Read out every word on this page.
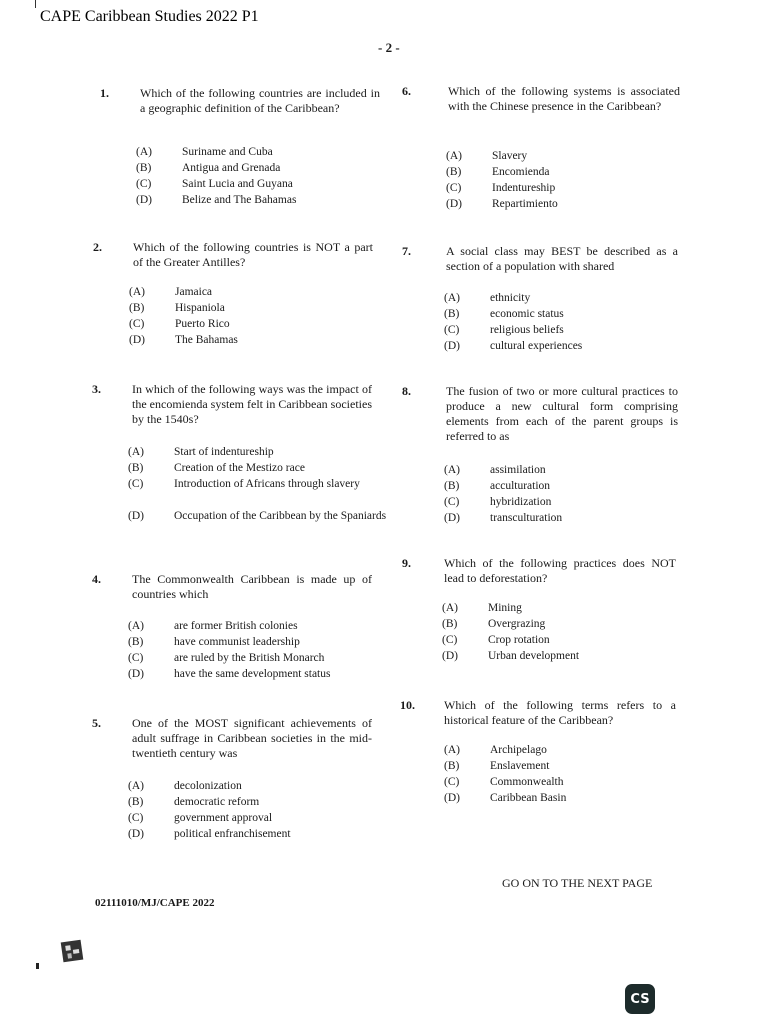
CAPE Caribbean Studies 2022 P1
- 2 -
1.	Which of the following countries are included in a geographic definition of the Caribbean?
(A)	Suriname and Cuba
(B)	Antigua and Grenada
(C)	Saint Lucia and Guyana
(D)	Belize and The Bahamas
2.	Which of the following countries is NOT a part of the Greater Antilles?
(A)	Jamaica
(B)	Hispaniola
(C)	Puerto Rico
(D)	The Bahamas
3.	In which of the following ways was the impact of the encomienda system felt in Caribbean societies by the 1540s?
(A)	Start of indentureship
(B)	Creation of the Mestizo race
(C)	Introduction of Africans through slavery
(D)	Occupation of the Caribbean by the Spaniards
4.	The Commonwealth Caribbean is made up of countries which
(A)	are former British colonies
(B)	have communist leadership
(C)	are ruled by the British Monarch
(D)	have the same development status
5.	One of the MOST significant achievements of adult suffrage in Caribbean societies in the mid-twentieth century was
(A)	decolonization
(B)	democratic reform
(C)	government approval
(D)	political enfranchisement
6.	Which of the following systems is associated with the Chinese presence in the Caribbean?
(A)	Slavery
(B)	Encomienda
(C)	Indentureship
(D)	Repartimiento
7.	A social class may BEST be described as a section of a population with shared
(A)	ethnicity
(B)	economic status
(C)	religious beliefs
(D)	cultural experiences
8.	The fusion of two or more cultural practices to produce a new cultural form comprising elements from each of the parent groups is referred to as
(A)	assimilation
(B)	acculturation
(C)	hybridization
(D)	transculturation
9.	Which of the following practices does NOT lead to deforestation?
(A)	Mining
(B)	Overgrazing
(C)	Crop rotation
(D)	Urban development
10. Which of the following terms refers to a historical feature of the Caribbean?
(A)	Archipelago
(B)	Enslavement
(C)	Commonwealth
(D)	Caribbean Basin
GO ON TO THE NEXT PAGE
02111010/MJ/CAPE 2022
CS
